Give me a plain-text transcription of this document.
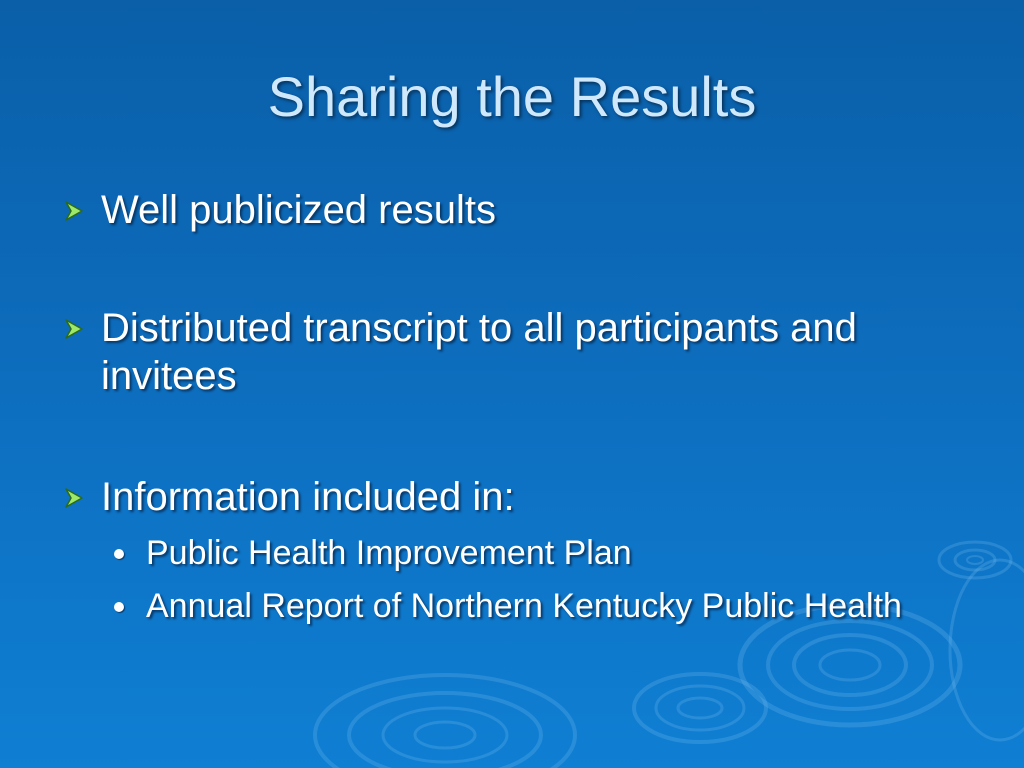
Sharing the Results
Well publicized results
Distributed transcript to all participants and invitees
Information included in:
Public Health Improvement Plan
Annual Report of Northern Kentucky Public Health
